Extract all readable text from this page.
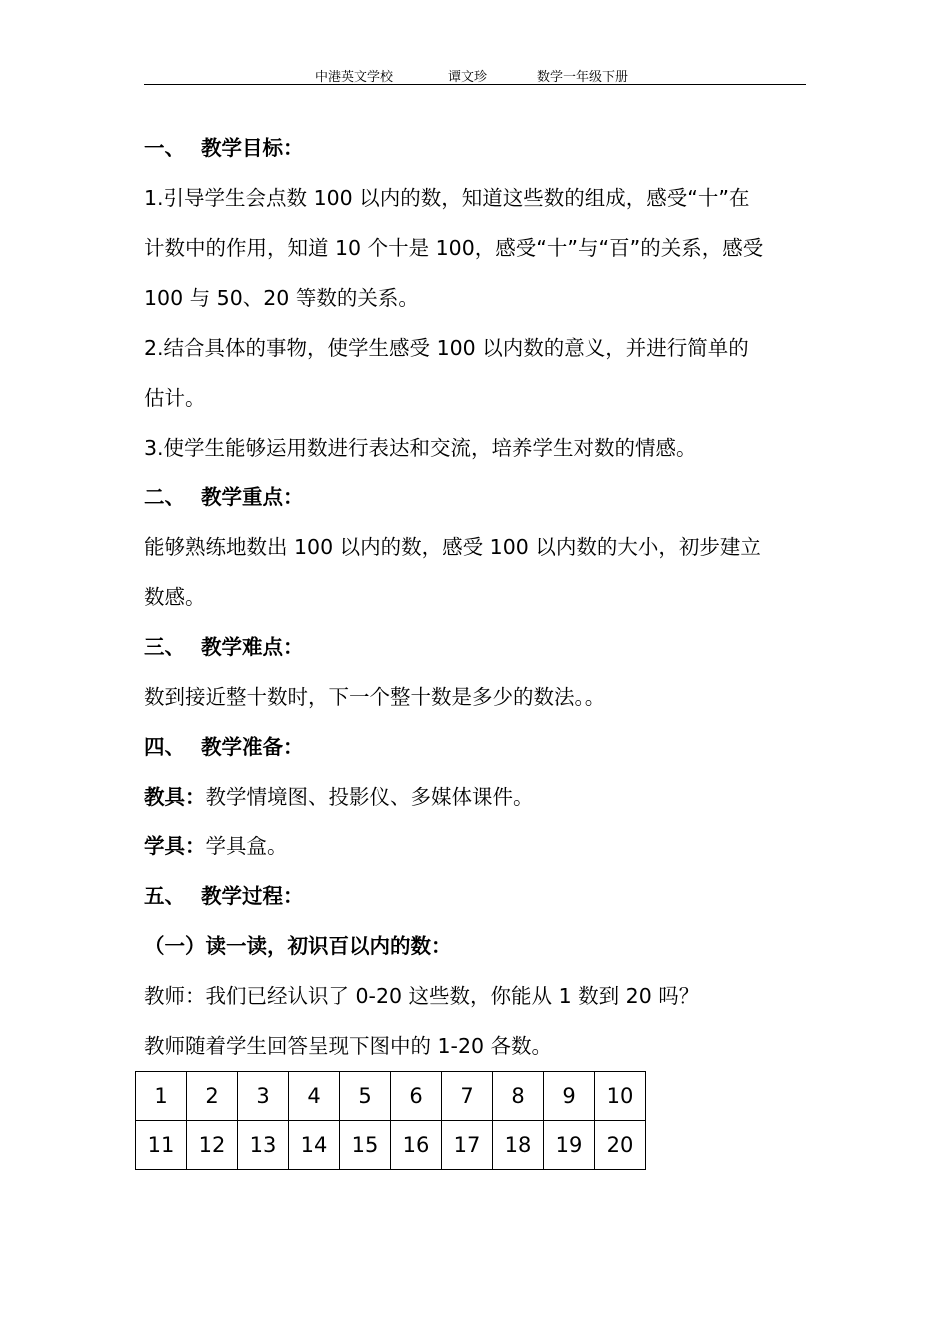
中港英文学校	谭文珍	数学一年级下册
一、 教学目标：
1.引导学生会点数 100 以内的数，知道这些数的组成，感受“十”在
计数中的作用，知道 10 个十是 100，感受“十”与“百”的关系，感受
100 与 50、20 等数的关系。
2.结合具体的事物，使学生感受 100 以内数的意义，并进行简单的
估计。
3.使学生能够运用数进行表达和交流，培养学生对数的情感。
二、 教学重点：
能够熟练地数出 100 以内的数，感受 100 以内数的大小，初步建立
数感。
三、 教学难点：
数到接近整十数时，下一个整十数是多少的数法。。
四、 教学准备：
教具：教学情境图、投影仪、多媒体课件。
学具：学具盒。
五、 教学过程：
（一）读一读，初识百以内的数：
教师：我们已经认识了 0-20 这些数，你能从 1 数到 20 吗？
教师随着学生回答呈现下图中的 1-20 各数。
1	2	3	4	5	6	7	8	9	10
11	12	13	14	15	16	17	18	19	20
